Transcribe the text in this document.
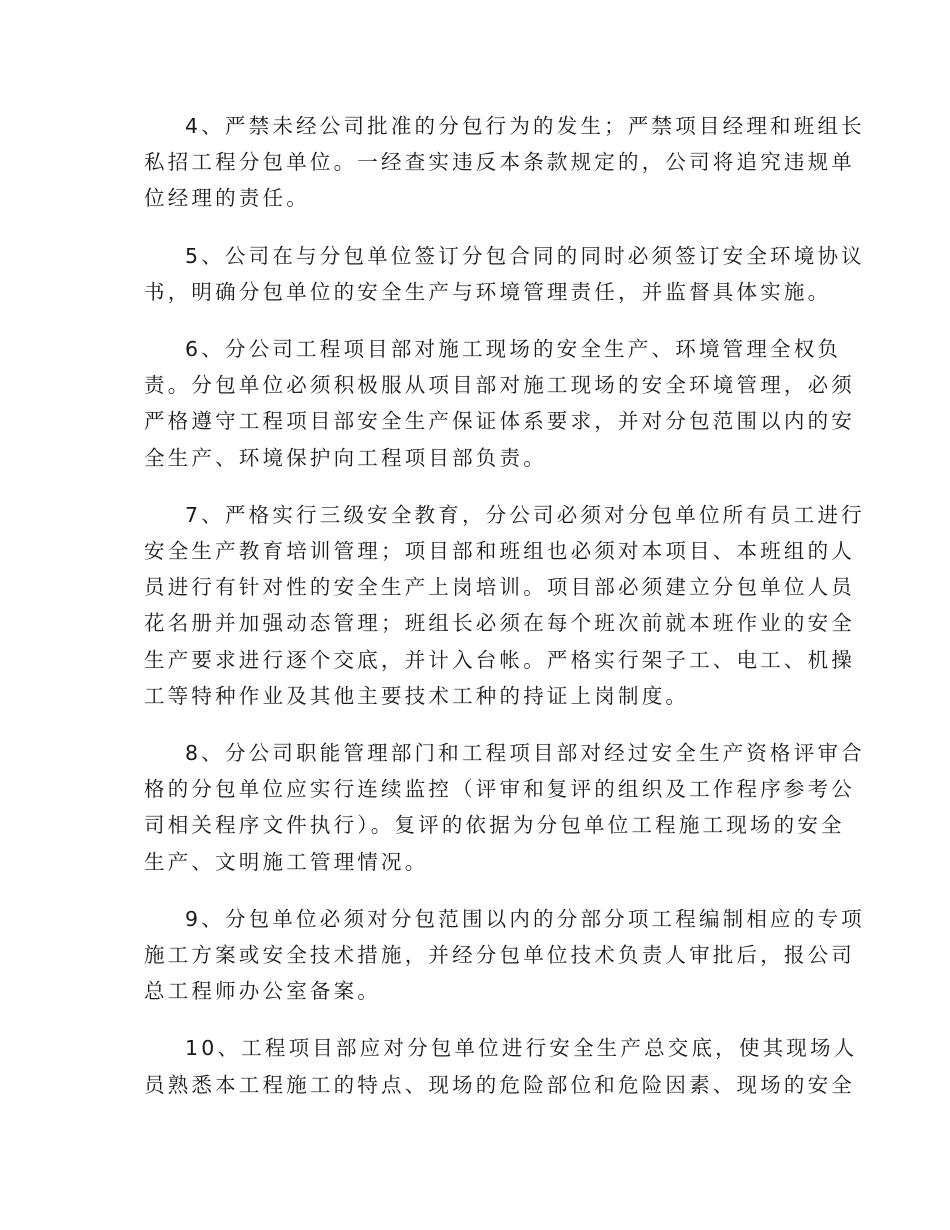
4、严禁未经公司批准的分包行为的发生；严禁项目经理和班组长
私招工程分包单位。一经查实违反本条款规定的，公司将追究违规单
位经理的责任。

5、公司在与分包单位签订分包合同的同时必须签订安全环境协议
书，明确分包单位的安全生产与环境管理责任，并监督具体实施。

6、分公司工程项目部对施工现场的安全生产、环境管理全权负
责。分包单位必须积极服从项目部对施工现场的安全环境管理，必须
严格遵守工程项目部安全生产保证体系要求，并对分包范围以内的安
全生产、环境保护向工程项目部负责。

7、严格实行三级安全教育，分公司必须对分包单位所有员工进行
安全生产教育培训管理；项目部和班组也必须对本项目、本班组的人
员进行有针对性的安全生产上岗培训。项目部必须建立分包单位人员
花名册并加强动态管理；班组长必须在每个班次前就本班作业的安全
生产要求进行逐个交底，并计入台帐。严格实行架子工、电工、机操
工等特种作业及其他主要技术工种的持证上岗制度。

8、分公司职能管理部门和工程项目部对经过安全生产资格评审合
格的分包单位应实行连续监控（评审和复评的组织及工作程序参考公
司相关程序文件执行）。复评的依据为分包单位工程施工现场的安全
生产、文明施工管理情况。

9、分包单位必须对分包范围以内的分部分项工程编制相应的专项
施工方案或安全技术措施，并经分包单位技术负责人审批后，报公司
总工程师办公室备案。

10、工程项目部应对分包单位进行安全生产总交底，使其现场人
员熟悉本工程施工的特点、现场的危险部位和危险因素、现场的安全
